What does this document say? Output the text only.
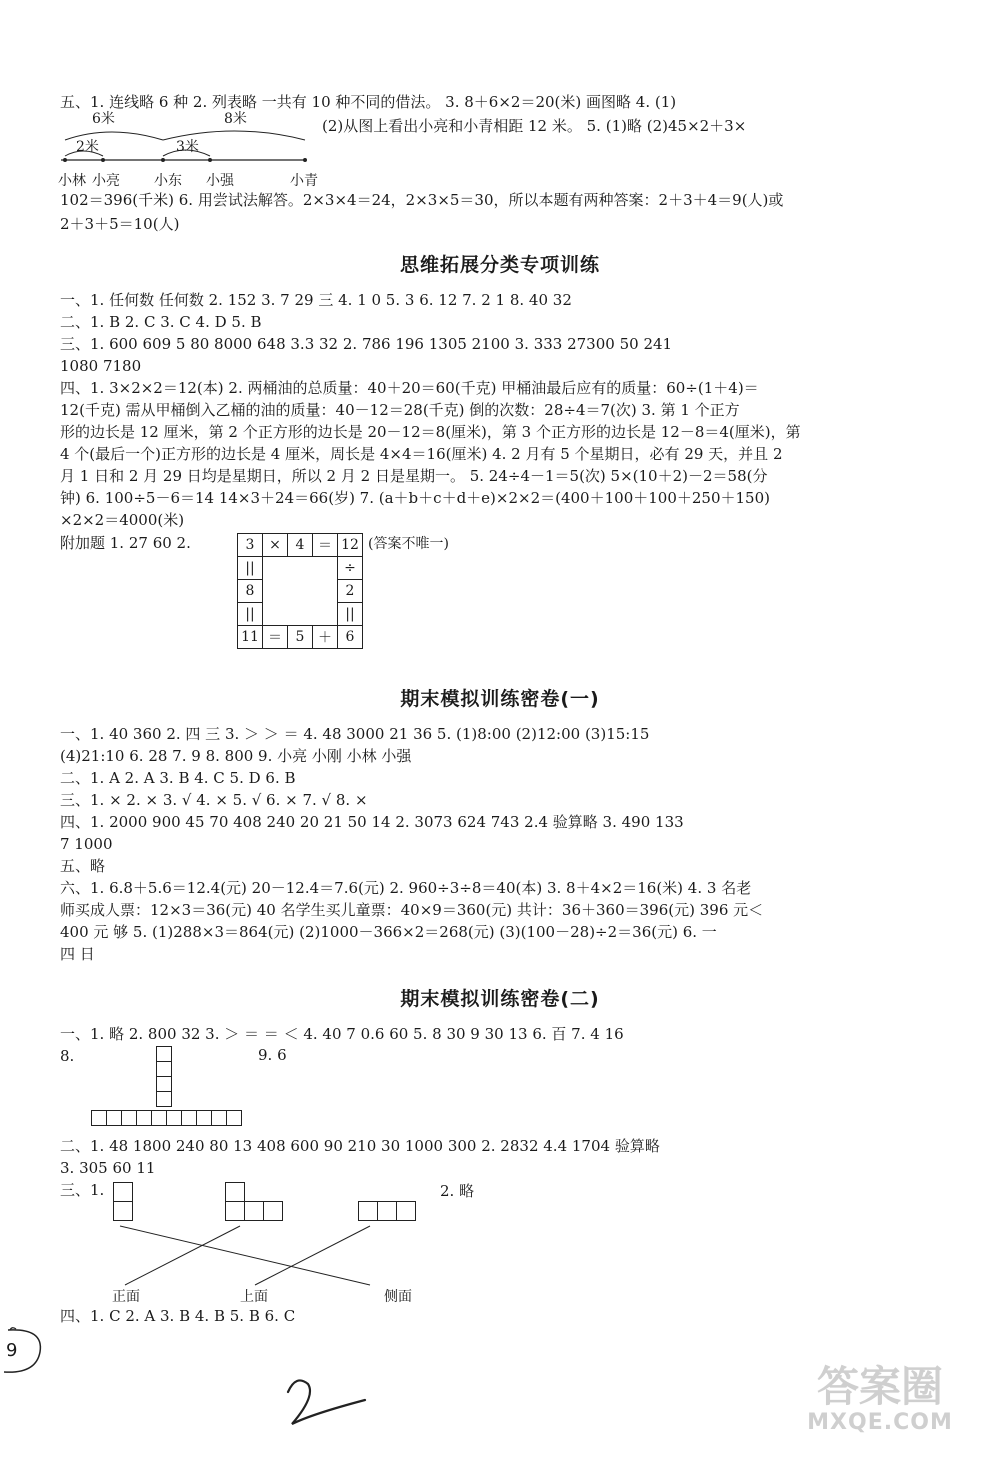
五、1. 连线略 6 种 2. 列表略 一共有 10 种不同的借法。 3. 8＋6×2＝20(米) 画图略 4. (1)
(2)从图上看出小亮和小青相距 12 米。 5. (1)略 (2)45×2＋3×
102＝396(千米) 6. 用尝试法解答。2×3×4＝24，2×3×5＝30，所以本题有两种答案：2＋3＋4＝9(人)或
2＋3＋5＝10(人)
6米	8米
2米	3米
小林 小亮 小东 小强	小青
思维拓展分类专项训练
一、1. 任何数 任何数 2. 152 3. 7 29 三 4. 1 0 5. 3 6. 12 7. 2 1 8. 40 32
二、1. B 2. C 3. C 4. D 5. B
三、1. 600 609 5 80 8000 648 3.3 32 2. 786 196 1305 2100 3. 333 27300 50 241
1080 7180
四、1. 3×2×2＝12(本) 2. 两桶油的总质量：40＋20＝60(千克) 甲桶油最后应有的质量：60÷(1＋4)＝
12(千克) 需从甲桶倒入乙桶的油的质量：40－12＝28(千克) 倒的次数：28÷4＝7(次) 3. 第 1 个正方
形的边长是 12 厘米，第 2 个正方形的边长是 20－12＝8(厘米)，第 3 个正方形的边长是 12－8＝4(厘米)，第
4 个(最后一个)正方形的边长是 4 厘米，周长是 4×4＝16(厘米) 4. 2 月有 5 个星期日，必有 29 天，并且 2
月 1 日和 2 月 29 日均是星期日，所以 2 月 2 日是星期一。 5. 24÷4－1＝5(次) 5×(10＋2)－2＝58(分
钟) 6. 100÷5－6＝14 14×3＋24＝66(岁) 7. (a＋b＋c＋d＋e)×2×2＝(400＋100＋100＋250＋150)
×2×2＝4000(米)
附加题 1. 27 60 2.	(答案不唯一)
3	×	4	＝	12
||				÷
8				2
||				||
11	＝	5	＋	6
期末模拟训练密卷(一)
一、1. 40 360 2. 四 三 3. ＞ ＞ ＝ 4. 48 3000 21 36 5. (1)8:00 (2)12:00 (3)15:15
(4)21:10 6. 28 7. 9 8. 800 9. 小亮 小刚 小林 小强
二、1. A 2. A 3. B 4. C 5. D 6. B
三、1. × 2. × 3. √ 4. × 5. √ 6. × 7. √ 8. ×
四、1. 2000 900 45 70 408 240 20 21 50 14 2. 3073 624 743 2.4 验算略 3. 490 133
7 1000
五、略
六、1. 6.8＋5.6＝12.4(元) 20－12.4＝7.6(元) 2. 960÷3÷8＝40(本) 3. 8＋4×2＝16(米) 4. 3 名老
师买成人票：12×3＝36(元) 40 名学生买儿童票：40×9＝360(元) 共计：36＋360＝396(元) 396 元＜
400 元 够 5. (1)288×3＝864(元) (2)1000－366×2＝268(元) (3)(100－28)÷2＝36(元) 6. 一
四 日
期末模拟训练密卷(二)
一、1. 略 2. 800 32 3. ＞ ＝ ＝ ＜ 4. 40 7 0.6 60 5. 8 30 9 30 13 6. 百 7. 4 16
8.	9. 6
二、1. 48 1800 240 80 13 408 600 90 210 30 1000 300 2. 2832 4.4 1704 验算略
3. 305 60 11
三、1.	2. 略
正面	上面	侧面
四、1. C 2. A 3. B 4. B 5. B 6. C
9
答案圈
MXQE.COM
